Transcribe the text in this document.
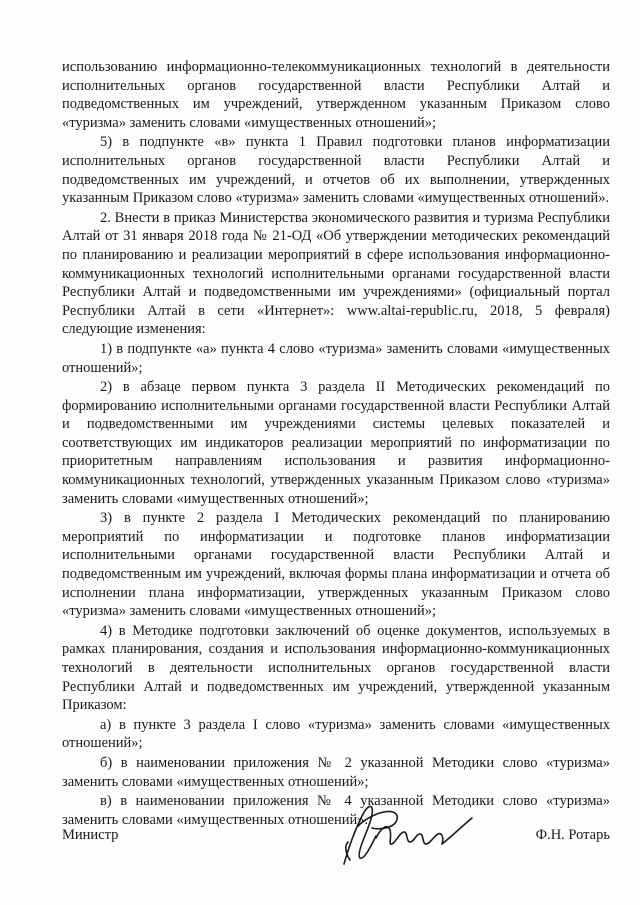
использованию информационно-телекоммуникационных технологий в деятельности исполнительных органов государственной власти Республики Алтай и подведомственных им учреждений, утвержденном указанным Приказом слово «туризма» заменить словами «имущественных отношений»;

5) в подпункте «в» пункта 1 Правил подготовки планов информатизации исполнительных органов государственной власти Республики Алтай и подведомственных им учреждений, и отчетов об их выполнении, утвержденных указанным Приказом слово «туризма» заменить словами «имущественных отношений».

2. Внести в приказ Министерства экономического развития и туризма Республики Алтай от 31 января 2018 года № 21-ОД «Об утверждении методических рекомендаций по планированию и реализации мероприятий в сфере использования информационно-коммуникационных технологий исполнительными органами государственной власти Республики Алтай и подведомственными им учреждениями» (официальный портал Республики Алтай в сети «Интернет»: www.altai-republic.ru, 2018, 5 февраля) следующие изменения:

1) в подпункте «а» пункта 4 слово «туризма» заменить словами «имущественных отношений»;

2) в абзаце первом пункта 3 раздела II Методических рекомендаций по формированию исполнительными органами государственной власти Республики Алтай и подведомственными им учреждениями системы целевых показателей и соответствующих им индикаторов реализации мероприятий по информатизации по приоритетным направлениям использования и развития информационно-коммуникационных технологий, утвержденных указанным Приказом слово «туризма» заменить словами «имущественных отношений»;

3) в пункте 2 раздела I Методических рекомендаций по планированию мероприятий по информатизации и подготовке планов информатизации исполнительными органами государственной власти Республики Алтай и подведомственным им учреждений, включая формы плана информатизации и отчета об исполнении плана информатизации, утвержденных указанным Приказом слово «туризма» заменить словами «имущественных отношений»;

4) в Методике подготовки заключений об оценке документов, используемых в рамках планирования, создания и использования информационно-коммуникационных технологий в деятельности исполнительных органов государственной власти Республики Алтай и подведомственных им учреждений, утвержденной указанным Приказом:

а) в пункте 3 раздела I слово «туризма» заменить словами «имущественных отношений»;

б) в наименовании приложения № 2 указанной Методики слово «туризма» заменить словами «имущественных отношений»;

в) в наименовании приложения № 4 указанной Методики слово «туризма» заменить словами «имущественных отношений».

Министр	Ф.Н. Ротарь
